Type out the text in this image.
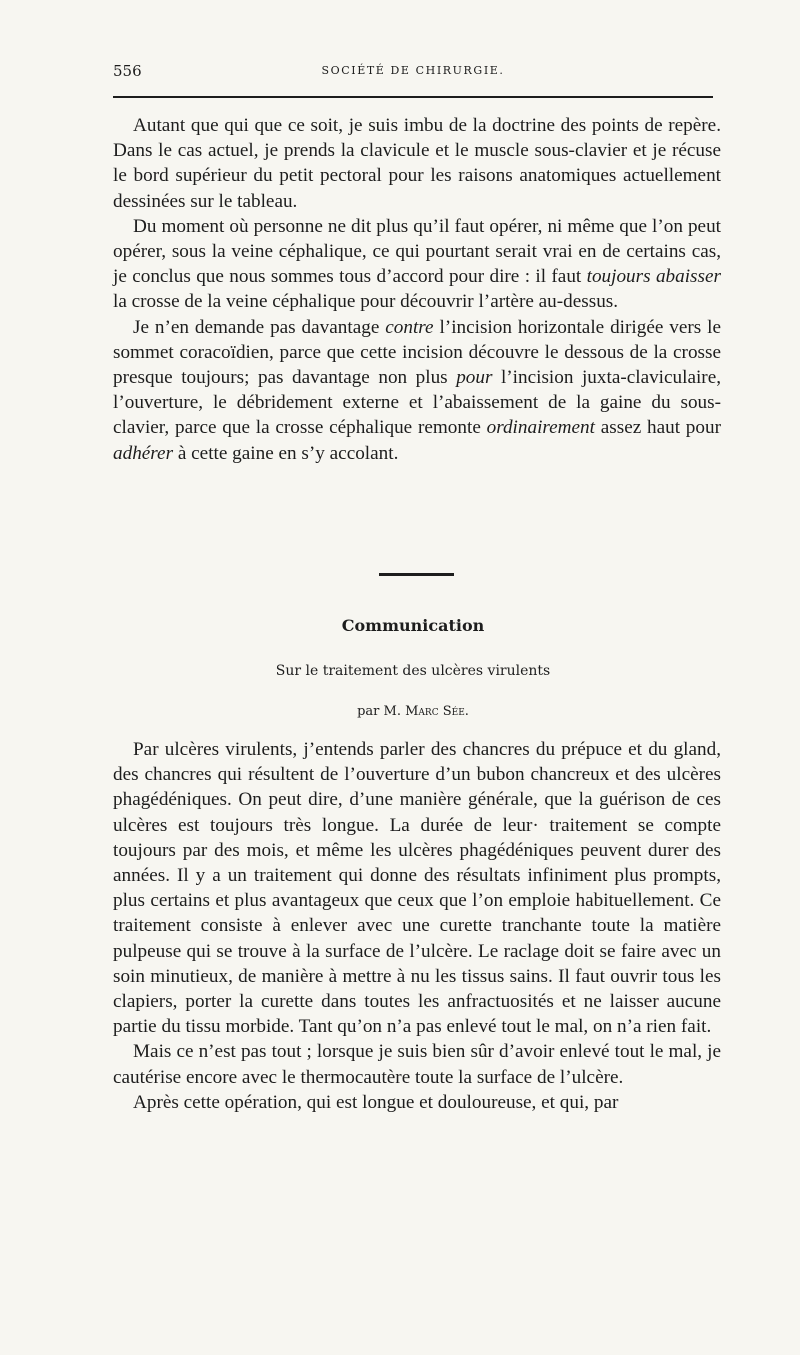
556	SOCIÉTÉ DE CHIRURGIE.

Autant que qui que ce soit, je suis imbu de la doctrine des points de repère. Dans le cas actuel, je prends la clavicule et le muscle sous-clavier et je récuse le bord supérieur du petit pectoral pour les raisons anatomiques actuellement dessinées sur le tableau.

Du moment où personne ne dit plus qu’il faut opérer, ni même que l’on peut opérer, sous la veine céphalique, ce qui pourtant serait vrai en de certains cas, je conclus que nous sommes tous d’accord pour dire : il faut toujours abaisser la crosse de la veine céphalique pour découvrir l’artère au-dessus.

Je n’en demande pas davantage contre l’incision horizontale dirigée vers le sommet coracoïdien, parce que cette incision découvre le dessous de la crosse presque toujours; pas davantage non plus pour l’incision juxta-claviculaire, l’ouverture, le débridement externe et l’abaissement de la gaine du sous-clavier, parce que la crosse céphalique remonte ordinairement assez haut pour adhérer à cette gaine en s’y accolant.

Communication
Sur le traitement des ulcères virulents
par M. Marc Sée.

Par ulcères virulents, j’entends parler des chancres du prépuce et du gland, des chancres qui résultent de l’ouverture d’un bubon chancreux et des ulcères phagédéniques. On peut dire, d’une manière générale, que la guérison de ces ulcères est toujours très longue. La durée de leur· traitement se compte toujours par des mois, et même les ulcères phagédéniques peuvent durer des années. Il y a un traitement qui donne des résultats infiniment plus prompts, plus certains et plus avantageux que ceux que l’on emploie habituellement. Ce traitement consiste à enlever avec une curette tranchante toute la matière pulpeuse qui se trouve à la surface de l’ulcère. Le raclage doit se faire avec un soin minutieux, de manière à mettre à nu les tissus sains. Il faut ouvrir tous les clapiers, porter la curette dans toutes les anfractuosités et ne laisser aucune partie du tissu morbide. Tant qu’on n’a pas enlevé tout le mal, on n’a rien fait.

Mais ce n’est pas tout ; lorsque je suis bien sûr d’avoir enlevé tout le mal, je cautérise encore avec le thermocautère toute la surface de l’ulcère.

Après cette opération, qui est longue et douloureuse, et qui, par
